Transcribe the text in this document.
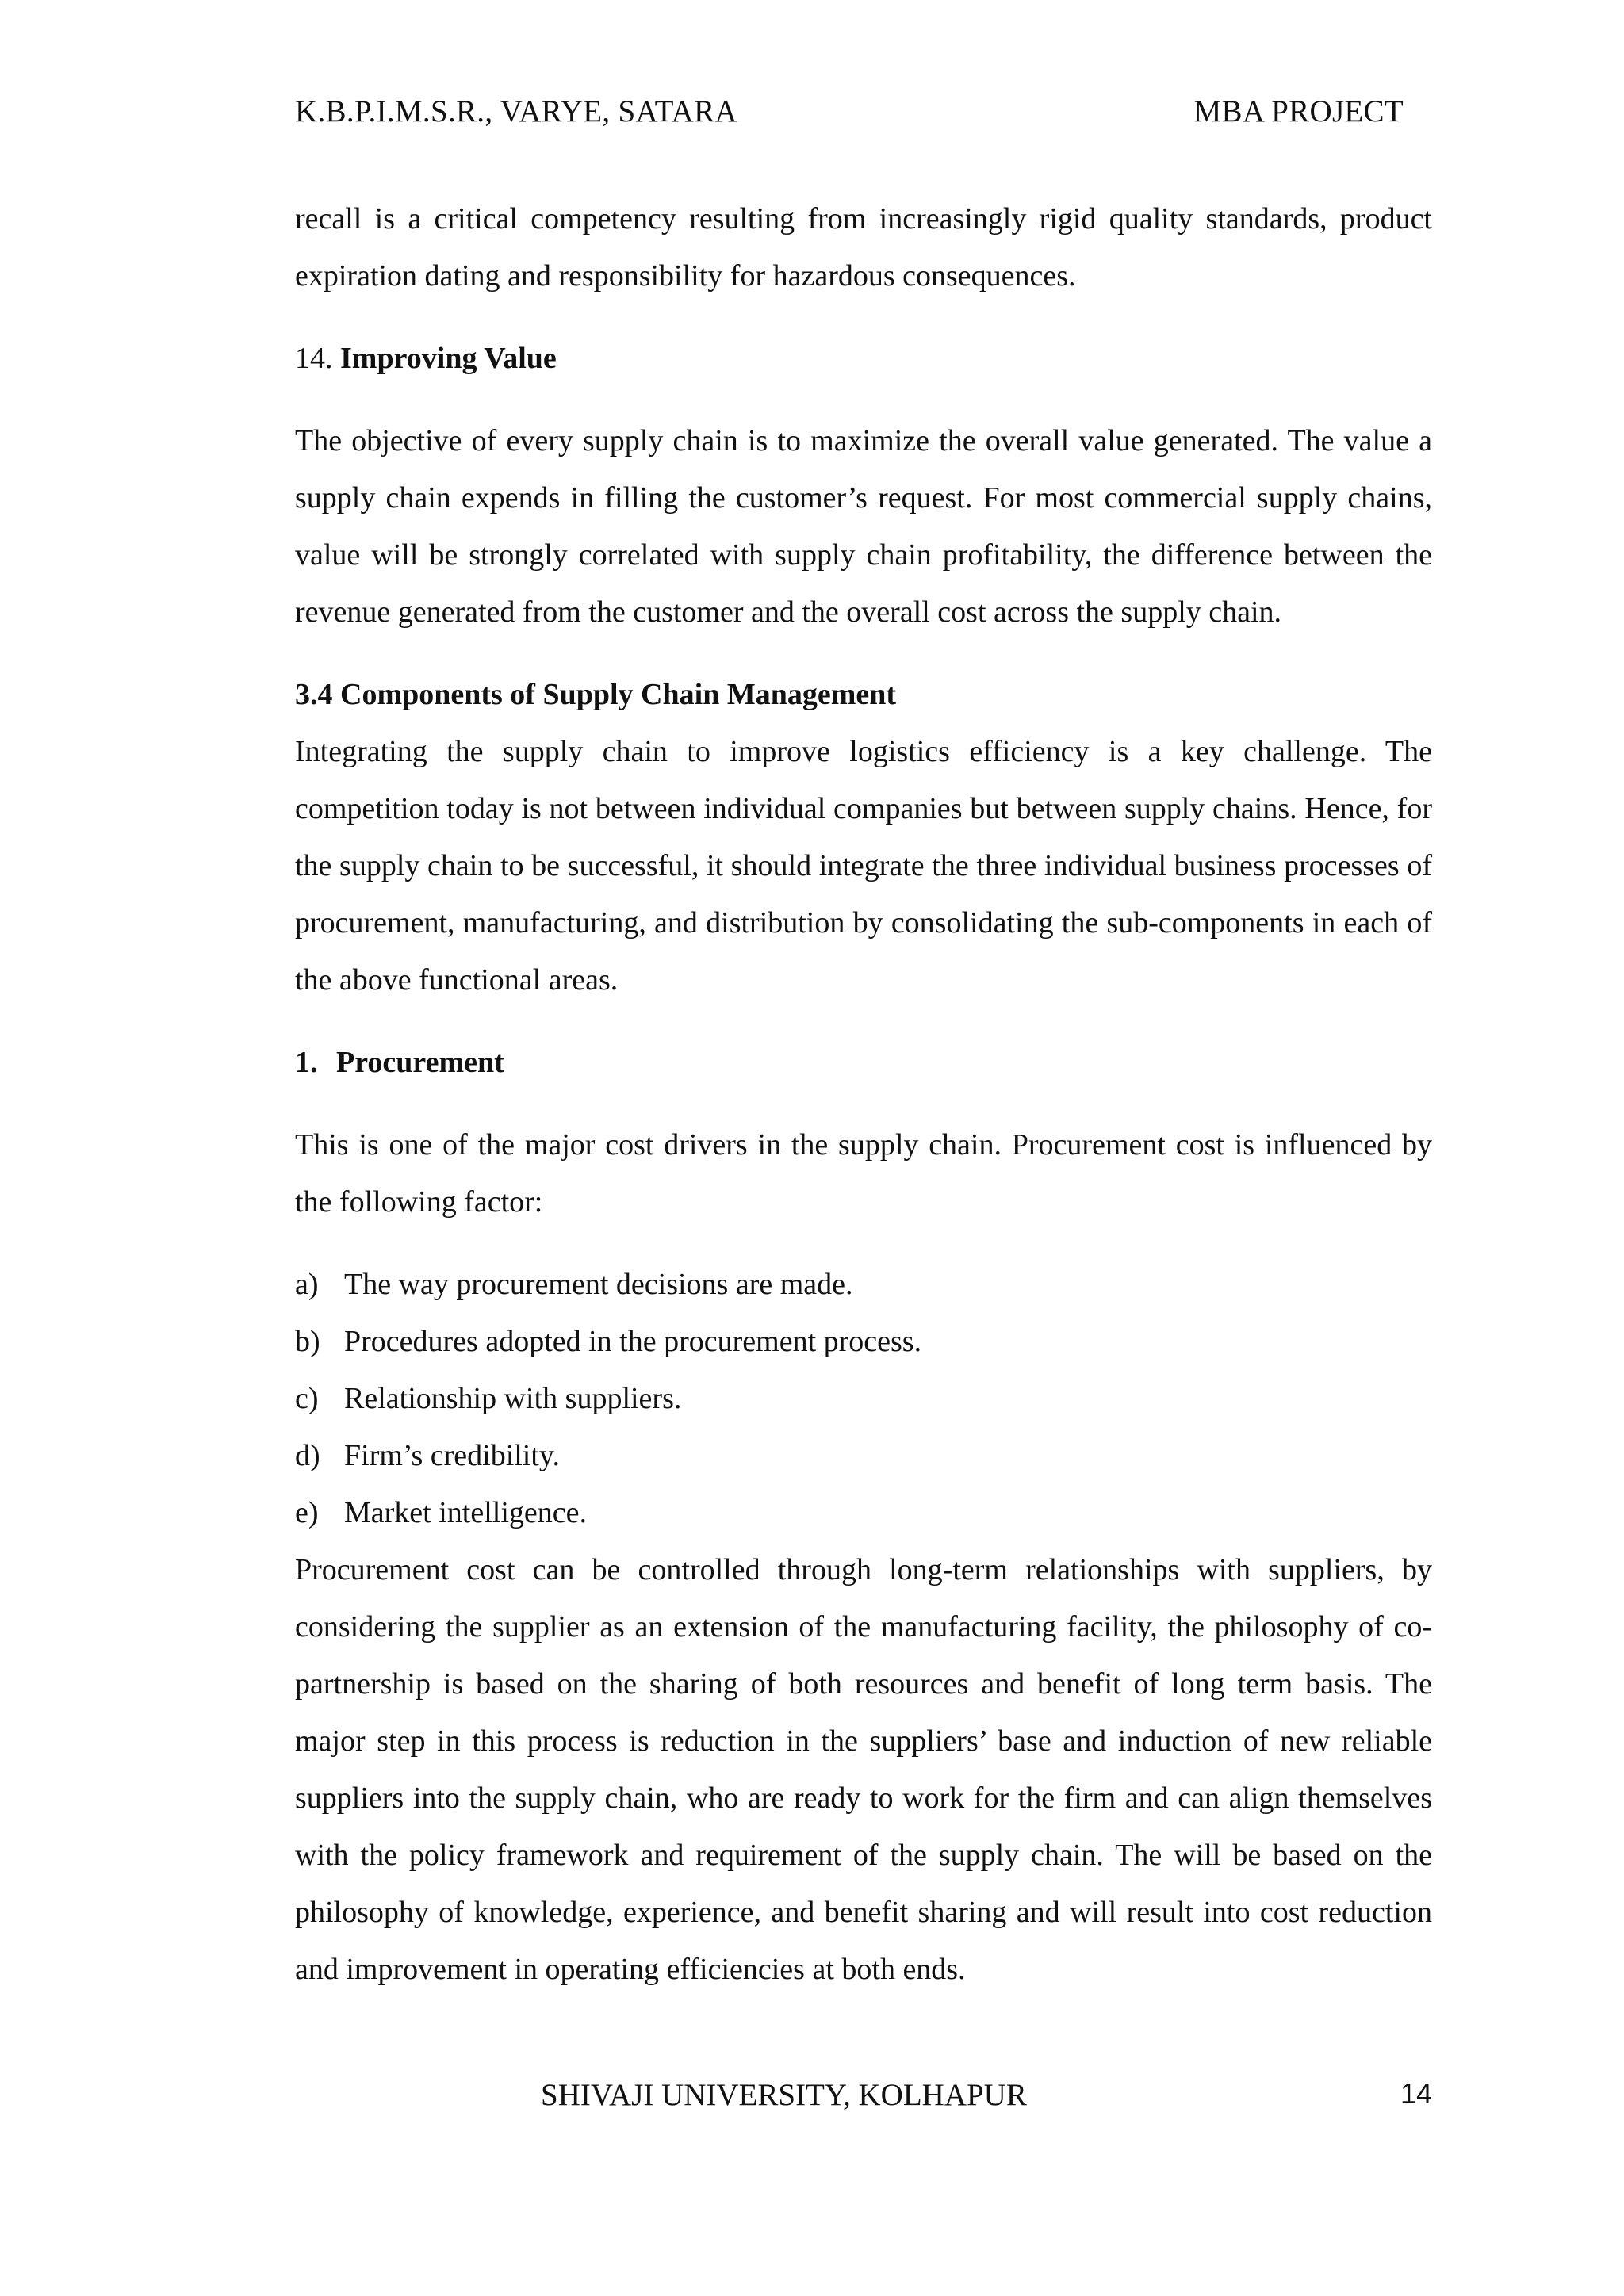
K.B.P.I.M.S.R., VARYE, SATARA	MBA PROJECT

recall is a critical competency resulting from increasingly rigid quality standards, product expiration dating and responsibility for hazardous consequences.

14. Improving Value

The objective of every supply chain is to maximize the overall value generated. The value a supply chain expends in filling the customer’s request. For most commercial supply chains, value will be strongly correlated with supply chain profitability, the difference between the revenue generated from the customer and the overall cost across the supply chain.

3.4 Components of Supply Chain Management

Integrating the supply chain to improve logistics efficiency is a key challenge. The competition today is not between individual companies but between supply chains. Hence, for the supply chain to be successful, it should integrate the three individual business processes of procurement, manufacturing, and distribution by consolidating the sub-components in each of the above functional areas.

1. Procurement

This is one of the major cost drivers in the supply chain. Procurement cost is influenced by the following factor:

a) The way procurement decisions are made.
b) Procedures adopted in the procurement process.
c) Relationship with suppliers.
d) Firm’s credibility.
e) Market intelligence.

Procurement cost can be controlled through long-term relationships with suppliers, by considering the supplier as an extension of the manufacturing facility, the philosophy of co-partnership is based on the sharing of both resources and benefit of long term basis. The major step in this process is reduction in the suppliers’ base and induction of new reliable suppliers into the supply chain, who are ready to work for the firm and can align themselves with the policy framework and requirement of the supply chain. The will be based on the philosophy of knowledge, experience, and benefit sharing and will result into cost reduction and improvement in operating efficiencies at both ends.

SHIVAJI UNIVERSITY, KOLHAPUR	14
